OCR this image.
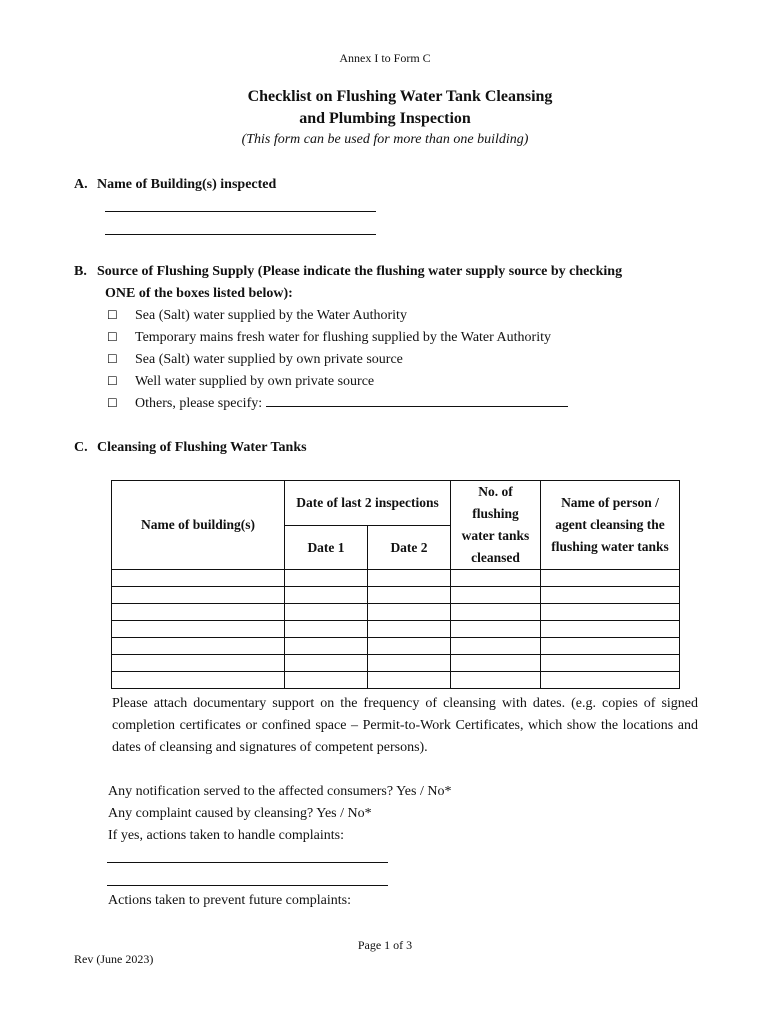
Annex I to Form C
Checklist on Flushing Water Tank Cleansing
and Plumbing Inspection
(This form can be used for more than one building)
A. Name of Building(s) inspected
B. Source of Flushing Supply (Please indicate the flushing water supply source by checking
ONE of the boxes listed below):
☐ Sea (Salt) water supplied by the Water Authority
☐ Temporary mains fresh water for flushing supplied by the Water Authority
☐ Sea (Salt) water supplied by own private source
☐ Well water supplied by own private source
☐ Others, please specify:
C. Cleansing of Flushing Water Tanks
Name of building(s)	Date of last 2 inspections		No. of flushing water tanks cleansed	Name of person / agent cleansing the flushing water tanks
	Date 1	Date 2		

Please attach documentary support on the frequency of cleansing with dates. (e.g. copies of signed completion certificates or confined space – Permit-to-Work Certificates, which show the locations and dates of cleansing and signatures of competent persons).
Any notification served to the affected consumers? Yes / No*
Any complaint caused by cleansing? Yes / No*
If yes, actions taken to handle complaints:
Actions taken to prevent future complaints:
Page 1 of 3
Rev (June 2023)
